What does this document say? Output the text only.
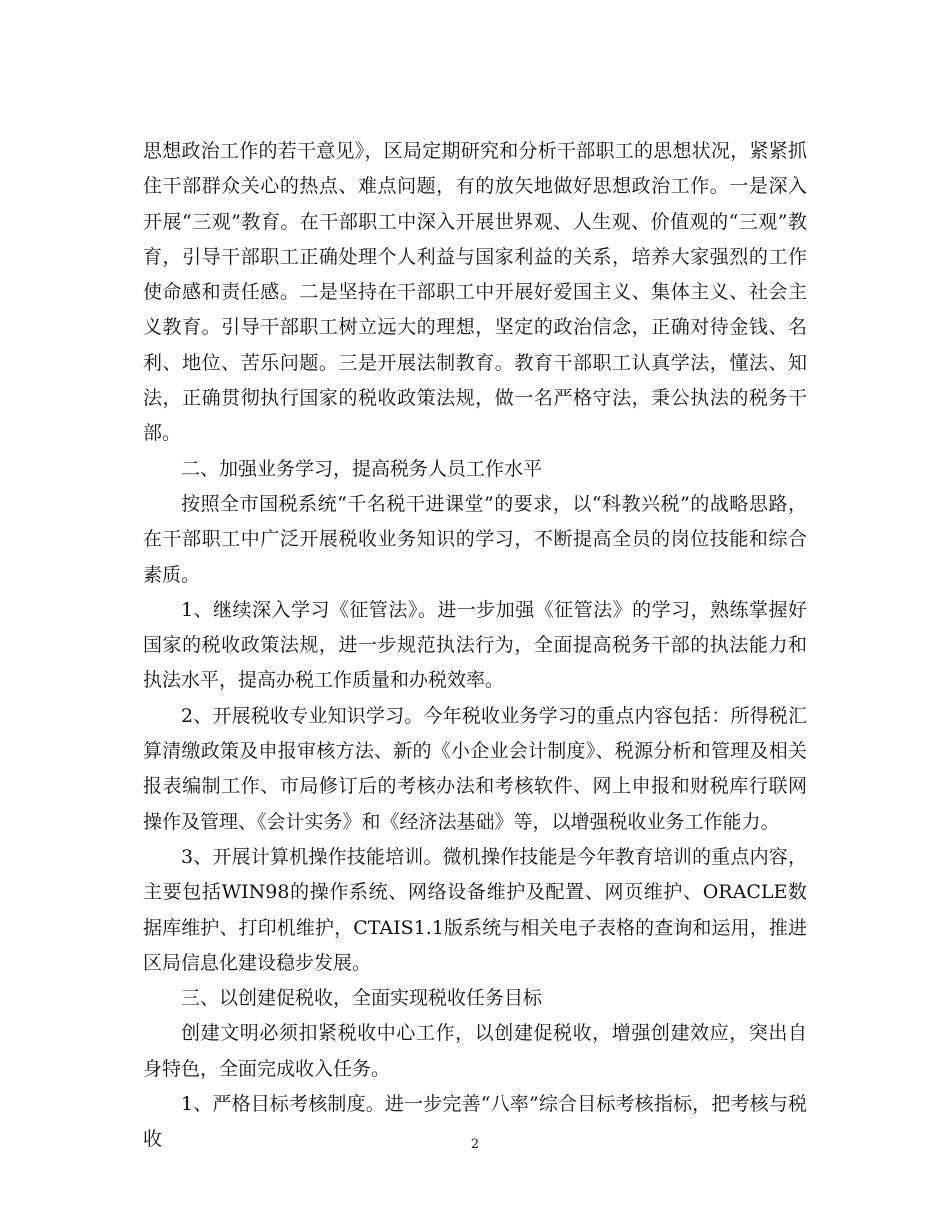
思想政治工作的若干意见》，区局定期研究和分析干部职工的思想状况，紧紧抓住干部群众关心的热点、难点问题，有的放矢地做好思想政治工作。一是深入开展“三观”教育。在干部职工中深入开展世界观、人生观、价值观的“三观”教育，引导干部职工正确处理个人利益与国家利益的关系，培养大家强烈的工作使命感和责任感。二是坚持在干部职工中开展好爱国主义、集体主义、社会主义教育。引导干部职工树立远大的理想，坚定的政治信念，正确对待金钱、名利、地位、苦乐问题。三是开展法制教育。教育干部职工认真学法，懂法、知法，正确贯彻执行国家的税收政策法规，做一名严格守法，秉公执法的税务干部。

二、加强业务学习，提高税务人员工作水平

按照全市国税系统“千名税干进课堂”的要求，以“科教兴税”的战略思路，在干部职工中广泛开展税收业务知识的学习，不断提高全员的岗位技能和综合素质。

1、继续深入学习《征管法》。进一步加强《征管法》的学习，熟练掌握好国家的税收政策法规，进一步规范执法行为，全面提高税务干部的执法能力和执法水平，提高办税工作质量和办税效率。

2、开展税收专业知识学习。今年税收业务学习的重点内容包括：所得税汇算清缴政策及申报审核方法、新的《小企业会计制度》、税源分析和管理及相关报表编制工作、市局修订后的考核办法和考核软件、网上申报和财税库行联网操作及管理、《会计实务》和《经济法基础》等，以增强税收业务工作能力。

3、开展计算机操作技能培训。微机操作技能是今年教育培训的重点内容，主要包括WIN98的操作系统、网络设备维护及配置、网页维护、ORACLE数据库维护、打印机维护，CTAIS1.1版系统与相关电子表格的查询和运用，推进区局信息化建设稳步发展。

三、以创建促税收，全面实现税收任务目标

创建文明必须扣紧税收中心工作，以创建促税收，增强创建效应，突出自身特色，全面完成收入任务。

1、严格目标考核制度。进一步完善“八率”综合目标考核指标，把考核与税收	2
